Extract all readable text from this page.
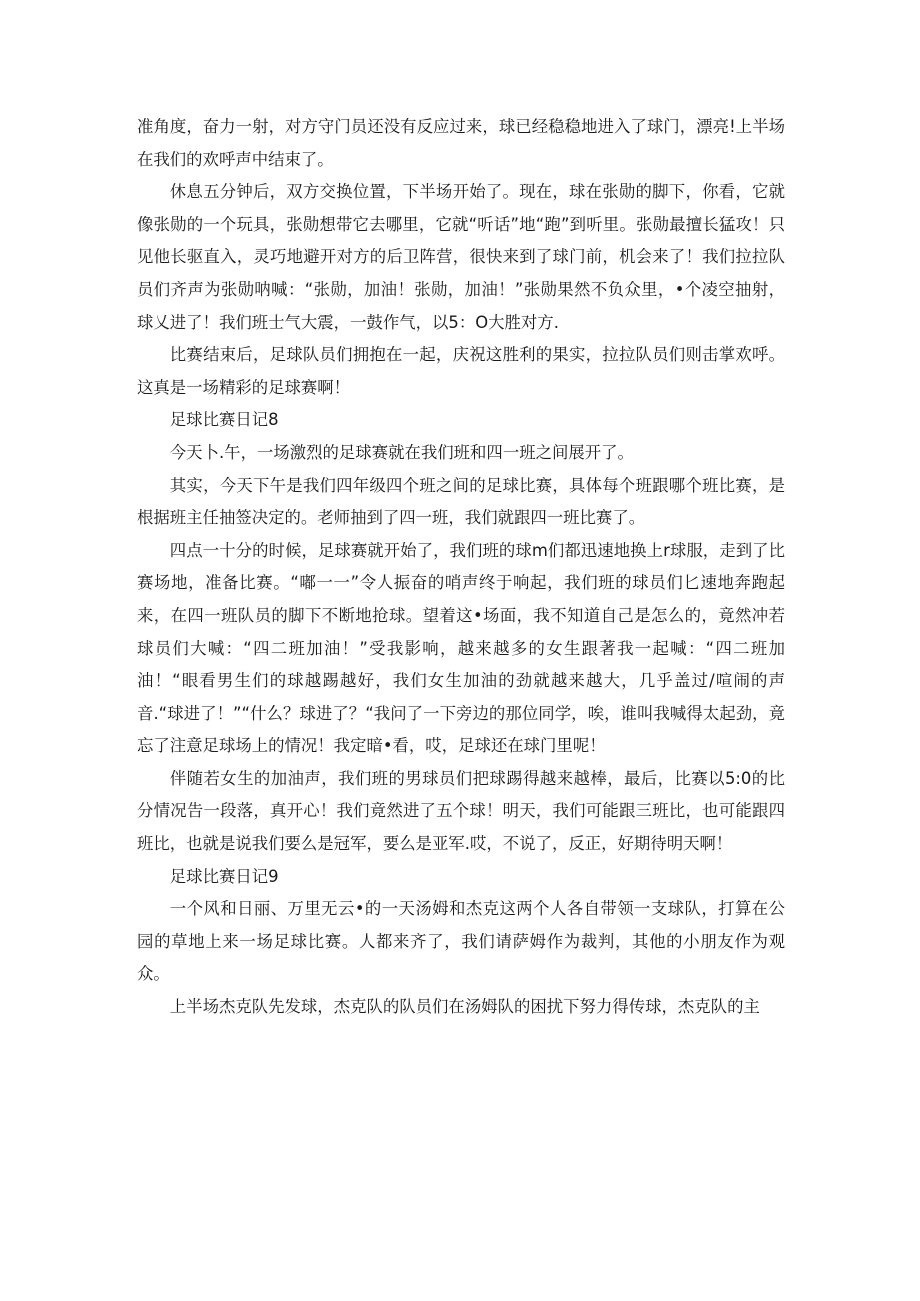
准角度，奋力一射，对方守门员还没有反应过来，球已经稳稳地进入了球门，漂亮!上半场在我们的欢呼声中结束了。

休息五分钟后，双方交换位置，下半场开始了。现在，球在张勋的脚下，你看，它就像张勋的一个玩具，张勋想带它去哪里，它就“听话”地“跑”到听里。张勋最擅长猛攻！只见他长驱直入，灵巧地避开对方的后卫阵营，很快来到了球门前，机会来了！我们拉拉队员们齐声为张勋呐喊：“张勋，加油！张勋，加油！”张勋果然不负众里，•个凌空抽射，球乂进了！我们班士气大震，一鼓作气，以5：O大胜对方.

比赛结束后，足球队员们拥抱在一起，庆祝这胜利的果实，拉拉队员们则击掌欢呼。这真是一场精彩的足球赛啊！

足球比赛日记8

今天卜.午，一场激烈的足球赛就在我们班和四一班之间展开了。

其实，今天下午是我们四年级四个班之间的足球比赛，具体每个班跟哪个班比赛，是根据班主任抽签决定的。老师抽到了四一班，我们就跟四一班比赛了。

四点一十分的时候，足球赛就开始了，我们班的球m们都迅速地换上r球服，走到了比赛场地，准备比赛。“嘟一一”令人振奋的哨声终于响起，我们班的球员们匕速地奔跑起来，在四一班队员的脚下不断地抢球。望着这•场面，我不知道自己是怎么的，竟然冲若球员们大喊：“四二班加油！”受我影响，越来越多的女生跟著我一起喊：“四二班加油！“眼看男生们的球越踢越好，我们女生加油的劲就越来越大，几乎盖过/喧闹的声音.“球进了！”“什么？球进了？“我问了一下旁边的那位同学，唉，谁叫我喊得太起劲，竟忘了注意足球场上的情况！我定暗•看，哎，足球还在球门里呢！

伴随若女生的加油声，我们班的男球员们把球踢得越来越棒，最后，比赛以5:0的比分情况告一段落，真开心！我们竟然进了五个球！明天，我们可能跟三班比，也可能跟四班比，也就是说我们要么是冠军，要么是亚军.哎，不说了，反正，好期待明天啊！

足球比赛日记9

一个风和日丽、万里无云•的一天汤姆和杰克这两个人各自带领一支球队，打算在公园的草地上来一场足球比赛。人都来齐了，我们请萨姆作为裁判，其他的小朋友作为观众。

上半场杰克队先发球，杰克队的队员们在汤姆队的困扰下努力得传球，杰克队的主
